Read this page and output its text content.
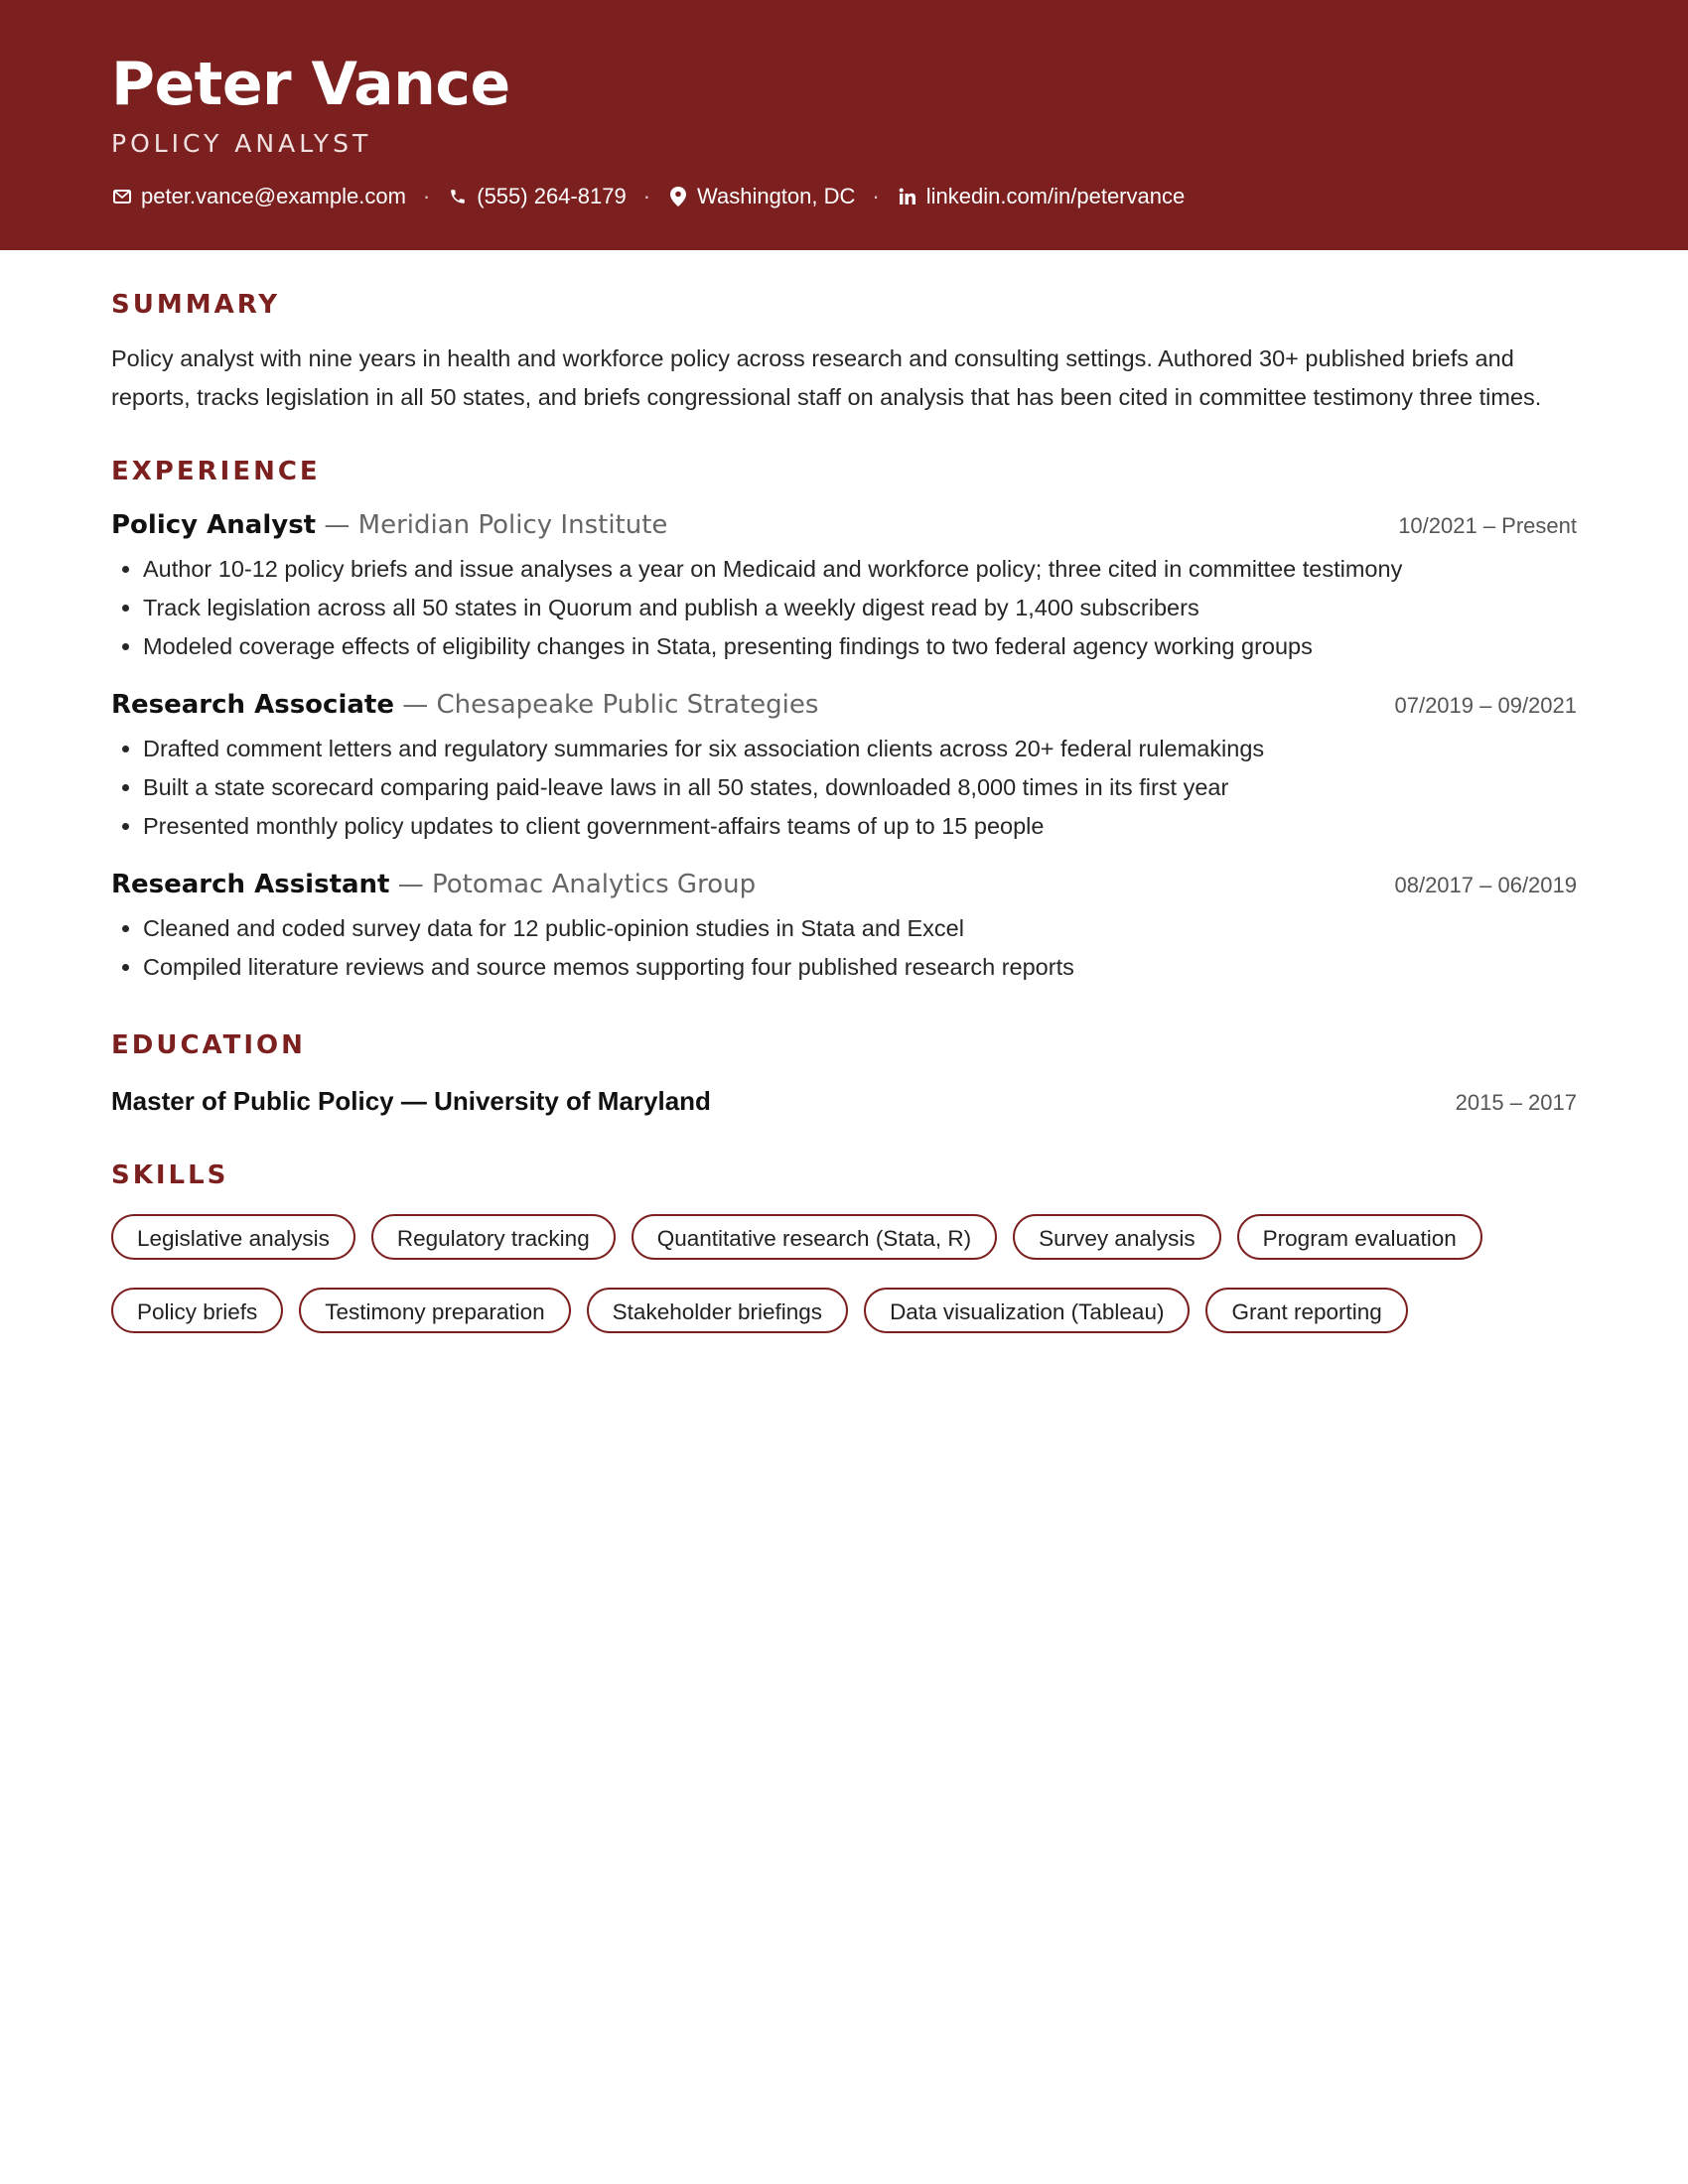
Peter Vance
POLICY ANALYST
peter.vance@example.com · (555) 264-8179 · Washington, DC · linkedin.com/in/petervance
SUMMARY
Policy analyst with nine years in health and workforce policy across research and consulting settings. Authored 30+ published briefs and reports, tracks legislation in all 50 states, and briefs congressional staff on analysis that has been cited in committee testimony three times.
EXPERIENCE
Policy Analyst — Meridian Policy Institute	10/2021 – Present
• Author 10-12 policy briefs and issue analyses a year on Medicaid and workforce policy; three cited in committee testimony
• Track legislation across all 50 states in Quorum and publish a weekly digest read by 1,400 subscribers
• Modeled coverage effects of eligibility changes in Stata, presenting findings to two federal agency working groups
Research Associate — Chesapeake Public Strategies	07/2019 – 09/2021
• Drafted comment letters and regulatory summaries for six association clients across 20+ federal rulemakings
• Built a state scorecard comparing paid-leave laws in all 50 states, downloaded 8,000 times in its first year
• Presented monthly policy updates to client government-affairs teams of up to 15 people
Research Assistant — Potomac Analytics Group	08/2017 – 06/2019
• Cleaned and coded survey data for 12 public-opinion studies in Stata and Excel
• Compiled literature reviews and source memos supporting four published research reports
EDUCATION
Master of Public Policy — University of Maryland	2015 – 2017
SKILLS
Legislative analysis	Regulatory tracking	Quantitative research (Stata, R)	Survey analysis	Program evaluation
Policy briefs	Testimony preparation	Stakeholder briefings	Data visualization (Tableau)	Grant reporting
